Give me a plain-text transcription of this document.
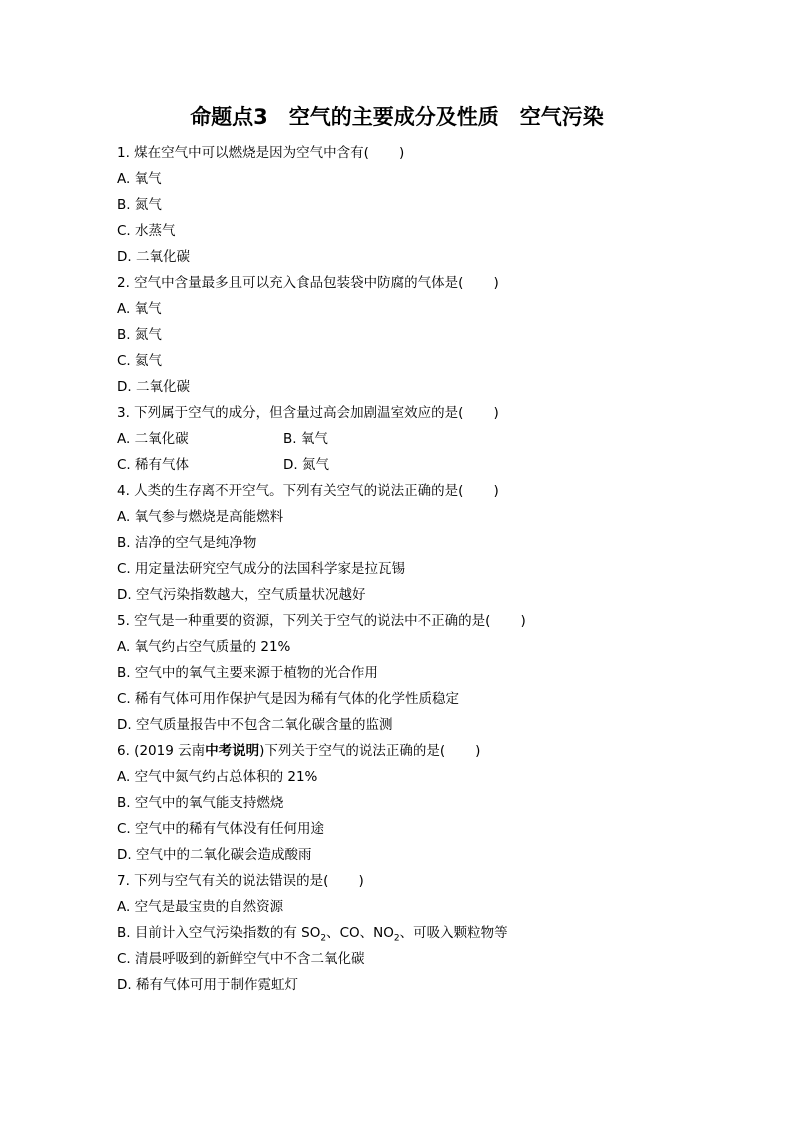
命题点3　空气的主要成分及性质　空气污染
1. 煤在空气中可以燃烧是因为空气中含有( )
A. 氧气
B. 氮气
C. 水蒸气
D. 二氧化碳
2. 空气中含量最多且可以充入食品包装袋中防腐的气体是( )
A. 氧气
B. 氮气
C. 氦气
D. 二氧化碳
3. 下列属于空气的成分，但含量过高会加剧温室效应的是( )
A. 二氧化碳	B. 氧气
C. 稀有气体	D. 氮气
4. 人类的生存离不开空气。下列有关空气的说法正确的是( )
A. 氧气参与燃烧是高能燃料
B. 洁净的空气是纯净物
C. 用定量法研究空气成分的法国科学家是拉瓦锡
D. 空气污染指数越大，空气质量状况越好
5. 空气是一种重要的资源，下列关于空气的说法中不正确的是( )
A. 氧气约占空气质量的 21%
B. 空气中的氧气主要来源于植物的光合作用
C. 稀有气体可用作保护气是因为稀有气体的化学性质稳定
D. 空气质量报告中不包含二氧化碳含量的监测
6. (2019 云南中考说明)下列关于空气的说法正确的是( )
A. 空气中氮气约占总体积的 21%
B. 空气中的氧气能支持燃烧
C. 空气中的稀有气体没有任何用途
D. 空气中的二氧化碳会造成酸雨
7. 下列与空气有关的说法错误的是( )
A. 空气是最宝贵的自然资源
B. 目前计入空气污染指数的有 $SO_2$、CO、$NO_2$、可吸入颗粒物等
C. 清晨呼吸到的新鲜空气中不含二氧化碳
D. 稀有气体可用于制作霓虹灯
